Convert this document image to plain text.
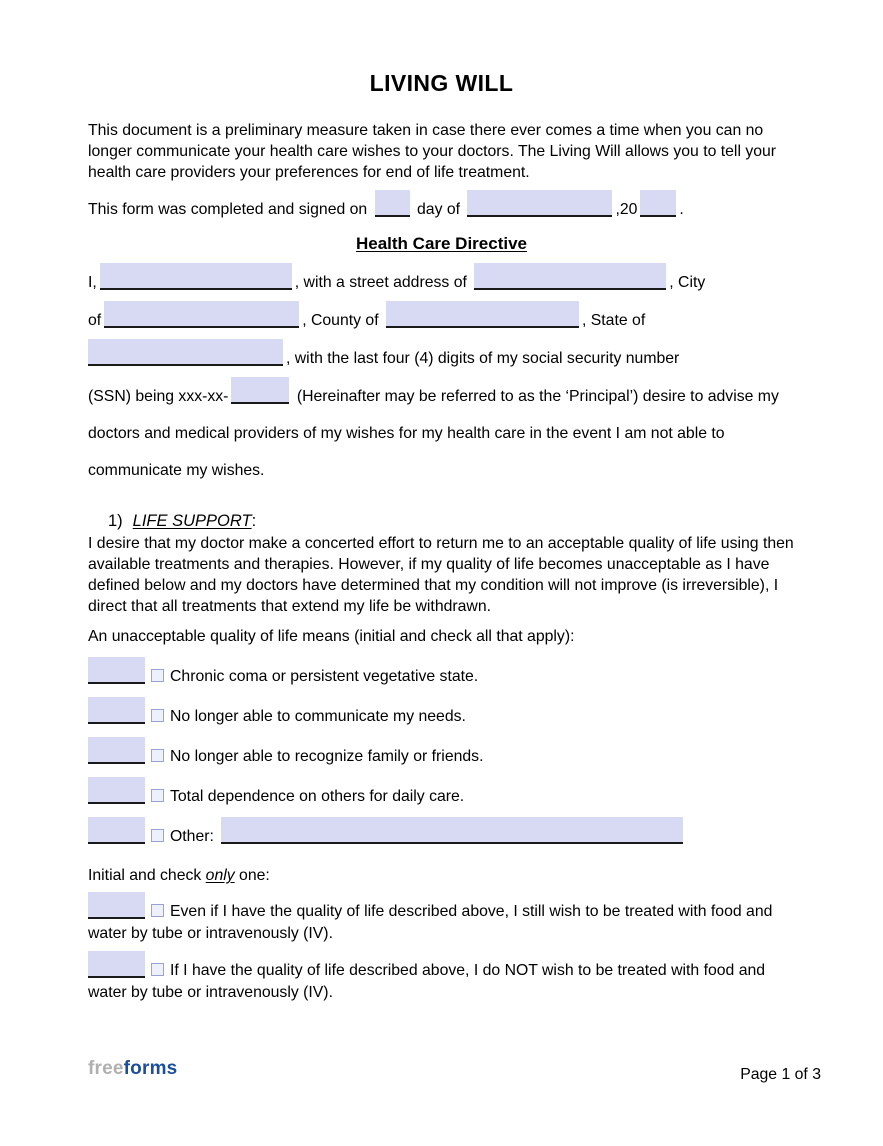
LIVING WILL

This document is a preliminary measure taken in case there ever comes a time when you can no longer communicate your health care wishes to your doctors. The Living Will allows you to tell your health care providers your preferences for end of life treatment.

This form was completed and signed on	day of	,20	.

Health Care Directive

I,	, with a street address of	, City
of	, County of	, State of
, with the last four (4) digits of my social security number
(SSN) being xxx-xx-	(Hereinafter may be referred to as the ‘Principal’) desire to advise my
doctors and medical providers of my wishes for my health care in the event I am not able to
communicate my wishes.

1) LIFE SUPPORT:

I desire that my doctor make a concerted effort to return me to an acceptable quality of life using then available treatments and therapies. However, if my quality of life becomes unacceptable as I have defined below and my doctors have determined that my condition will not improve (is irreversible), I direct that all treatments that extend my life be withdrawn.

An unacceptable quality of life means (initial and check all that apply):

Chronic coma or persistent vegetative state.
No longer able to communicate my needs.
No longer able to recognize family or friends.
Total dependence on others for daily care.
Other:

Initial and check only one:

Even if I have the quality of life described above, I still wish to be treated with food and water by tube or intravenously (IV).
If I have the quality of life described above, I do NOT wish to be treated with food and water by tube or intravenously (IV).
freeforms	Page 1 of 3
